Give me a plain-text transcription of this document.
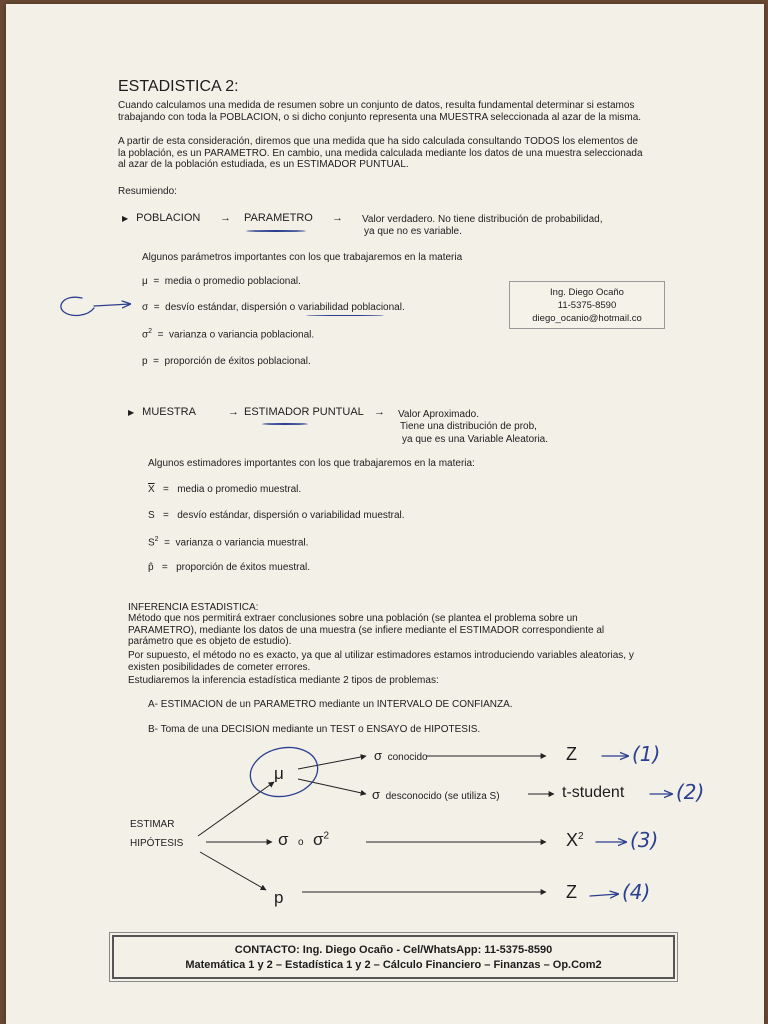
ESTADISTICA 2:
Cuando calculamos una medida de resumen sobre un conjunto de datos, resulta fundamental determinar si estamos trabajando con toda la POBLACION, o si dicho conjunto representa una MUESTRA seleccionada al azar de la misma.
A partir de esta consideración, diremos que una medida que ha sido calculada consultando TODOS los elementos de la población, es un PARAMETRO. En cambio, una medida calculada mediante los datos de una muestra seleccionada al azar de la población estudiada, es un ESTIMADOR PUNTUAL.
Resumiendo:
▶ POBLACION → PARAMETRO → Valor verdadero. No tiene distribución de probabilidad,
ya que no es variable.
Algunos parámetros importantes con los que trabajaremos en la materia
μ = media o promedio poblacional.
σ = desvío estándar, dispersión o variabilidad poblacional.
$\sigma^2$ = varianza o variancia poblacional.
p = proporción de éxitos poblacional.
Ing. Diego Ocaño
11-5375-8590
diego_ocanio@hotmail.co
▶ MUESTRA	→ ESTIMADOR PUNTUAL → Valor Aproximado.
Tiene una distribución de prob,
ya que es una Variable Aleatoria.
Algunos estimadores importantes con los que trabajaremos en la materia:
$\overline{X}$ = media o promedio muestral.
S = desvío estándar, dispersión o variabilidad muestral.
$S^2$ = varianza o variancia muestral.
p̂ = proporción de éxitos muestral.
INFERENCIA ESTADISTICA:
Método que nos permitirá extraer conclusiones sobre una población (se plantea el problema sobre un PARAMETRO), mediante los datos de una muestra (se infiere mediante el ESTIMADOR correspondiente al parámetro que es objeto de estudio).
Por supuesto, el método no es exacto, ya que al utilizar estimadores estamos introduciendo variables aleatorias, y existen posibilidades de cometer errores.
Estudiaremos la inferencia estadística mediante 2 tipos de problemas:
A- ESTIMACION de un PARAMETRO mediante un INTERVALO DE CONFIANZA.
B- Toma de una DECISION mediante un TEST o ENSAYO de HIPOTESIS.
ESTIMAR
HIPÓTESIS
μ
σ conocido
σ desconocido (se utiliza S)
σ o $\sigma^2$
p
Z
t-student
$X^2$
Z
(1)
(2)
(3)
(4)
CONTACTO: Ing. Diego Ocaño - Cel/WhatsApp: 11-5375-8590
Matemática 1 y 2 – Estadística 1 y 2 – Cálculo Financiero – Finanzas – Op.Com2
